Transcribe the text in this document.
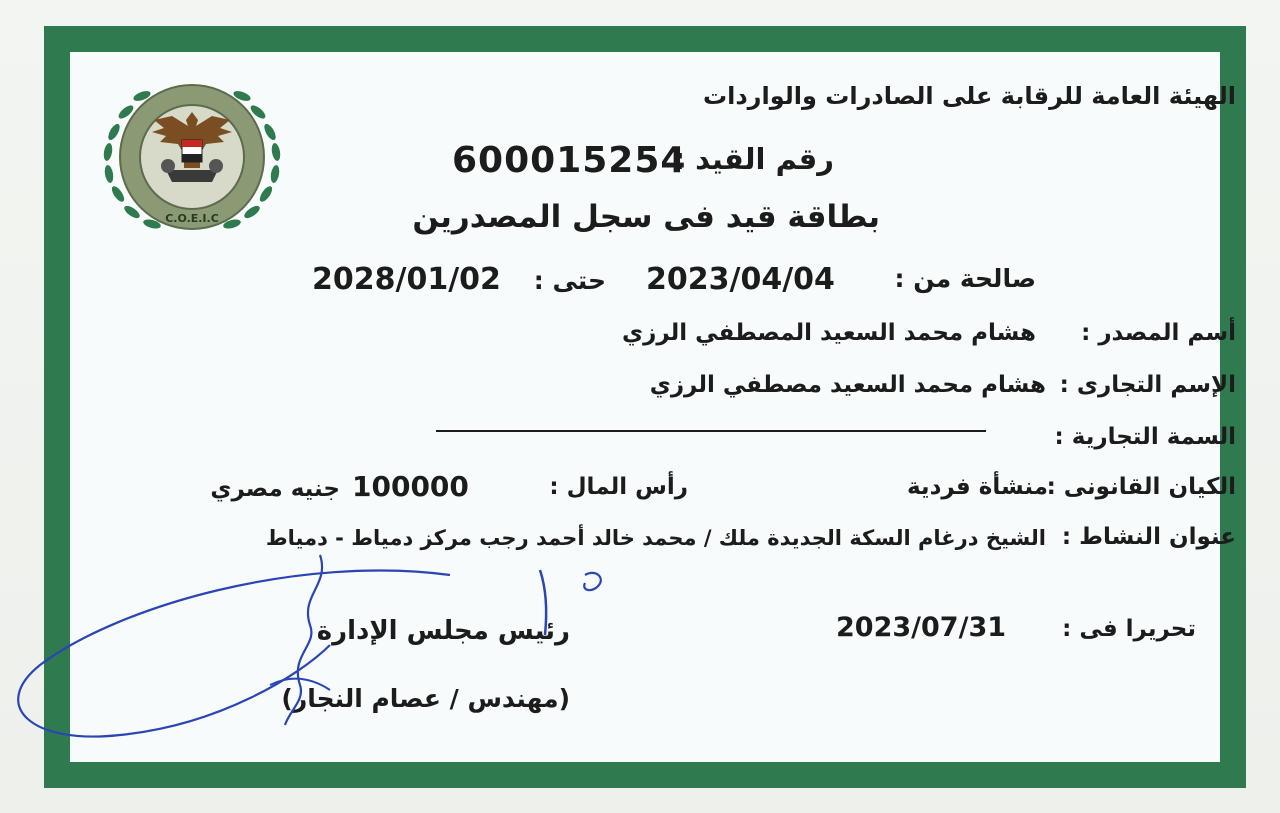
الهيئة العامة للرقابة على الصادرات والواردات
رقم القيد :
600015254
بطاقة قيد فى سجل المصدرين
صالحة من :
2023/04/04
حتى :
2028/01/02
أسم المصدر :
هشام محمد السعيد المصطفي الرزي
الإسم التجارى :
هشام محمد السعيد مصطفي الرزي
السمة التجارية :
الكيان القانونى :
منشأة فردية
رأس المال :
100000
جنيه مصري
عنوان النشاط :
الشيخ درغام السكة الجديدة ملك / محمد خالد أحمد رجب مركز دمياط - دمياط
تحريرا فى :
2023/07/31
رئيس مجلس الإدارة
(مهندس / عصام النجار)
C.O.E.I.C
